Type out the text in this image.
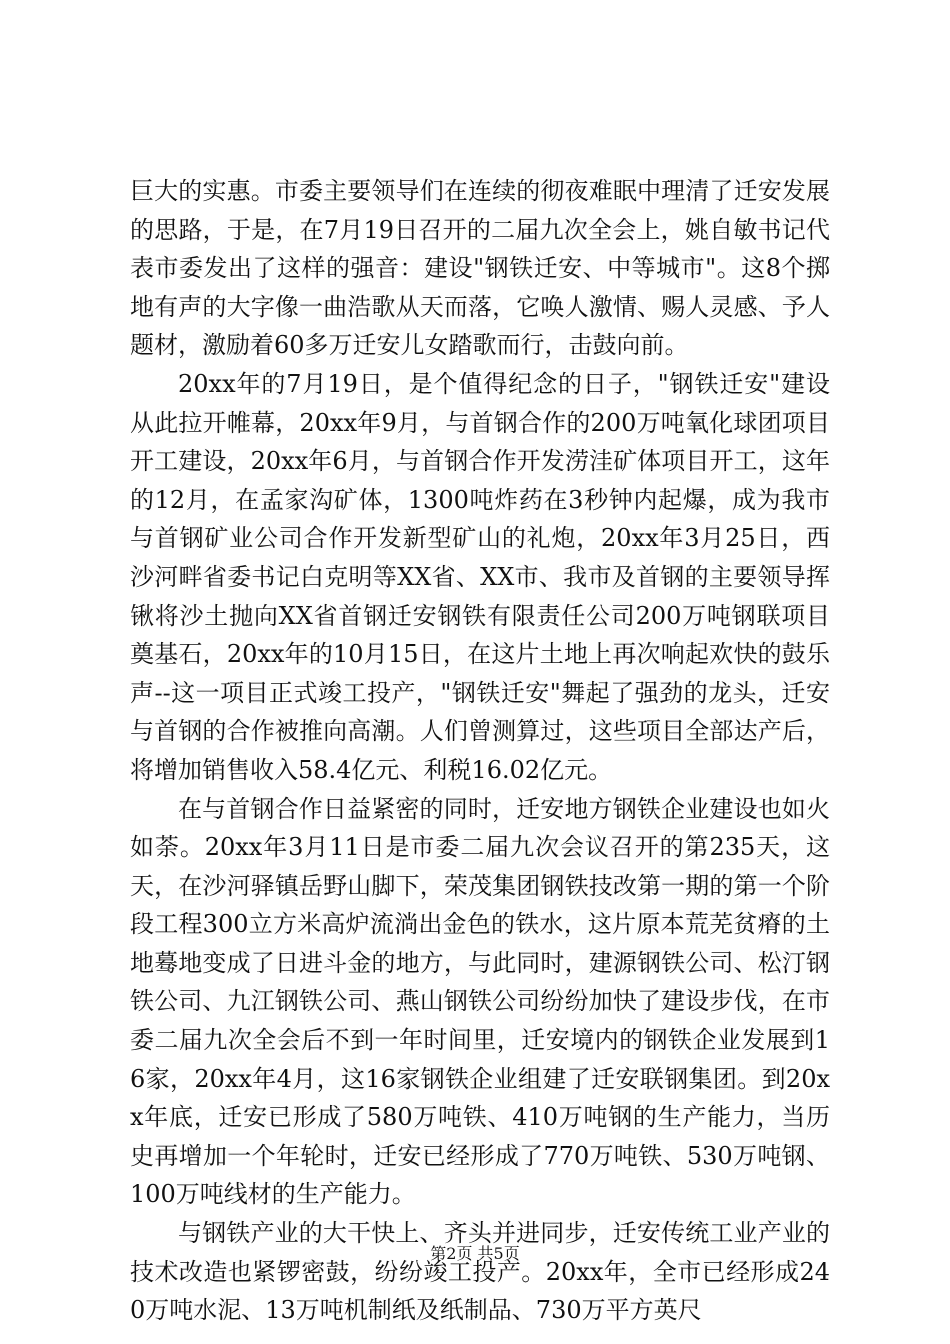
巨大的实惠。市委主要领导们在连续的彻夜难眠中理清了迁安发展的思路，于是，在7月19日召开的二届九次全会上，姚自敏书记代表市委发出了这样的强音：建设"钢铁迁安、中等城市"。这8个掷地有声的大字像一曲浩歌从天而落，它唤人激情、赐人灵感、予人题材，激励着60多万迁安儿女踏歌而行，击鼓向前。

20xx年的7月19日，是个值得纪念的日子，"钢铁迁安"建设从此拉开帷幕，20xx年9月，与首钢合作的200万吨氧化球团项目开工建设，20xx年6月，与首钢合作开发涝洼矿体项目开工，这年的12月，在孟家沟矿体，1300吨炸药在3秒钟内起爆，成为我市与首钢矿业公司合作开发新型矿山的礼炮，20xx年3月25日，西沙河畔省委书记白克明等XX省、XX市、我市及首钢的主要领导挥锹将沙土抛向XX省首钢迁安钢铁有限责任公司200万吨钢联项目奠基石，20xx年的10月15日，在这片土地上再次响起欢快的鼓乐声--这一项目正式竣工投产，"钢铁迁安"舞起了强劲的龙头，迁安与首钢的合作被推向高潮。人们曾测算过，这些项目全部达产后，将增加销售收入58.4亿元、利税16.02亿元。

在与首钢合作日益紧密的同时，迁安地方钢铁企业建设也如火如荼。20xx年3月11日是市委二届九次会议召开的第235天，这天，在沙河驿镇岳野山脚下，荣茂集团钢铁技改第一期的第一个阶段工程300立方米高炉流淌出金色的铁水，这片原本荒芜贫瘠的土地蓦地变成了日进斗金的地方，与此同时，建源钢铁公司、松汀钢铁公司、九江钢铁公司、燕山钢铁公司纷纷加快了建设步伐，在市委二届九次全会后不到一年时间里，迁安境内的钢铁企业发展到16家，20xx年4月，这16家钢铁企业组建了迁安联钢集团。到20xx年底，迁安已形成了580万吨铁、410万吨钢的生产能力，当历史再增加一个年轮时，迁安已经形成了770万吨铁、530万吨钢、100万吨线材的生产能力。

与钢铁产业的大干快上、齐头并进同步，迁安传统工业产业的技术改造也紧锣密鼓，纷纷竣工投产。20xx年，全市已经形成240万吨水泥、13万吨机制纸及纸制品、730万平方英尺

第2页 共5页
